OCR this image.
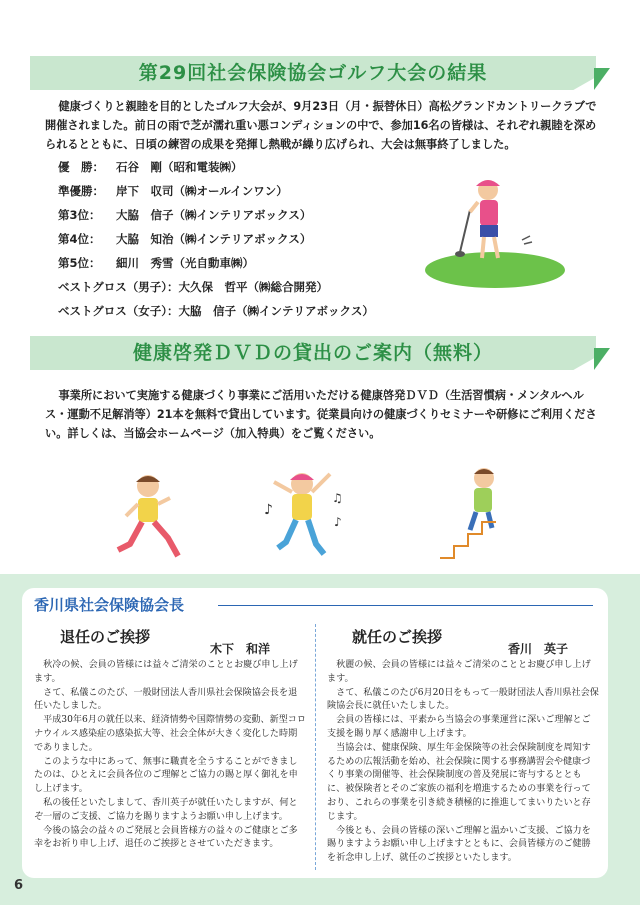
第29回社会保険協会ゴルフ大会の結果

健康づくりと親睦を目的としたゴルフ大会が、9月23日（月・振替休日）高松グランドカントリークラブで開催されました。前日の雨で芝が濡れ重い悪コンディションの中で、参加16名の皆様は、それぞれ親睦を深められるとともに、日頃の練習の成果を発揮し熱戦が繰り広げられ、大会は無事終了しました。

優　勝： 石谷　剛（昭和電装㈱）
準優勝： 岸下　収司（㈱オールインワン）
第3位： 大脇　信子（㈱インテリアボックス）
第4位： 大脇　知治（㈱インテリアボックス）
第5位： 細川　秀雪（光自動車㈱）
ベストグロス（男子）：大久保　哲平（㈱総合開発）
ベストグロス（女子）：大脇　信子（㈱インテリアボックス）
健康啓発ＤＶＤの貸出のご案内（無料）

事業所において実施する健康づくり事業にご活用いただける健康啓発ＤＶＤ（生活習慣病・メンタルヘルス・運動不足解消等）21本を無料で貸出しています。従業員向けの健康づくりセミナーや研修にご利用ください。詳しくは、当協会ホームページ（加入特典）をご覧ください。

♪
♫
♪
香川県社会保険協会長
退任のご挨拶
木下　和洋

秋冷の候、会員の皆様には益々ご清栄のこととお慶び申し上げます。

さて、私儀このたび、一般財団法人香川県社会保険協会長を退任いたしました。

平成30年6月の就任以来、経済情勢や国際情勢の変動、新型コロナウイルス感染症の感染拡大等、社会全体が大きく変化した時期でありました。

このような中にあって、無事に職責を全うすることができましたのは、ひとえに会員各位のご理解とご協力の賜と厚く御礼を申し上げます。

私の後任といたしまして、香川英子が就任いたしますが、何とぞ一層のご支援、ご協力を賜りますようお願い申し上げます。

今後の協会の益々のご発展と会員皆様方の益々のご健康とご多幸をお祈り申し上げ、退任のご挨拶とさせていただきます。

就任のご挨拶
香川　英子

秋麗の候、会員の皆様には益々ご清栄のこととお慶び申し上げます。

さて、私儀このたび6月20日をもって一般財団法人香川県社会保険協会長に就任いたしました。

会員の皆様には、平素から当協会の事業運営に深いご理解とご支援を賜り厚く感謝申し上げます。

当協会は、健康保険、厚生年金保険等の社会保険制度を周知するための広報活動を始め、社会保険に関する事務講習会や健康づくり事業の開催等、社会保険制度の普及発展に寄与するとともに、被保険者とそのご家族の福利を増進するための事業を行っており、これらの事業を引き続き積極的に推進してまいりたいと存じます。

今後とも、会員の皆様の深いご理解と温かいご支援、ご協力を賜りますようお願い申し上げますとともに、会員皆様方のご健勝を祈念申し上げ、就任のご挨拶といたします。

6
